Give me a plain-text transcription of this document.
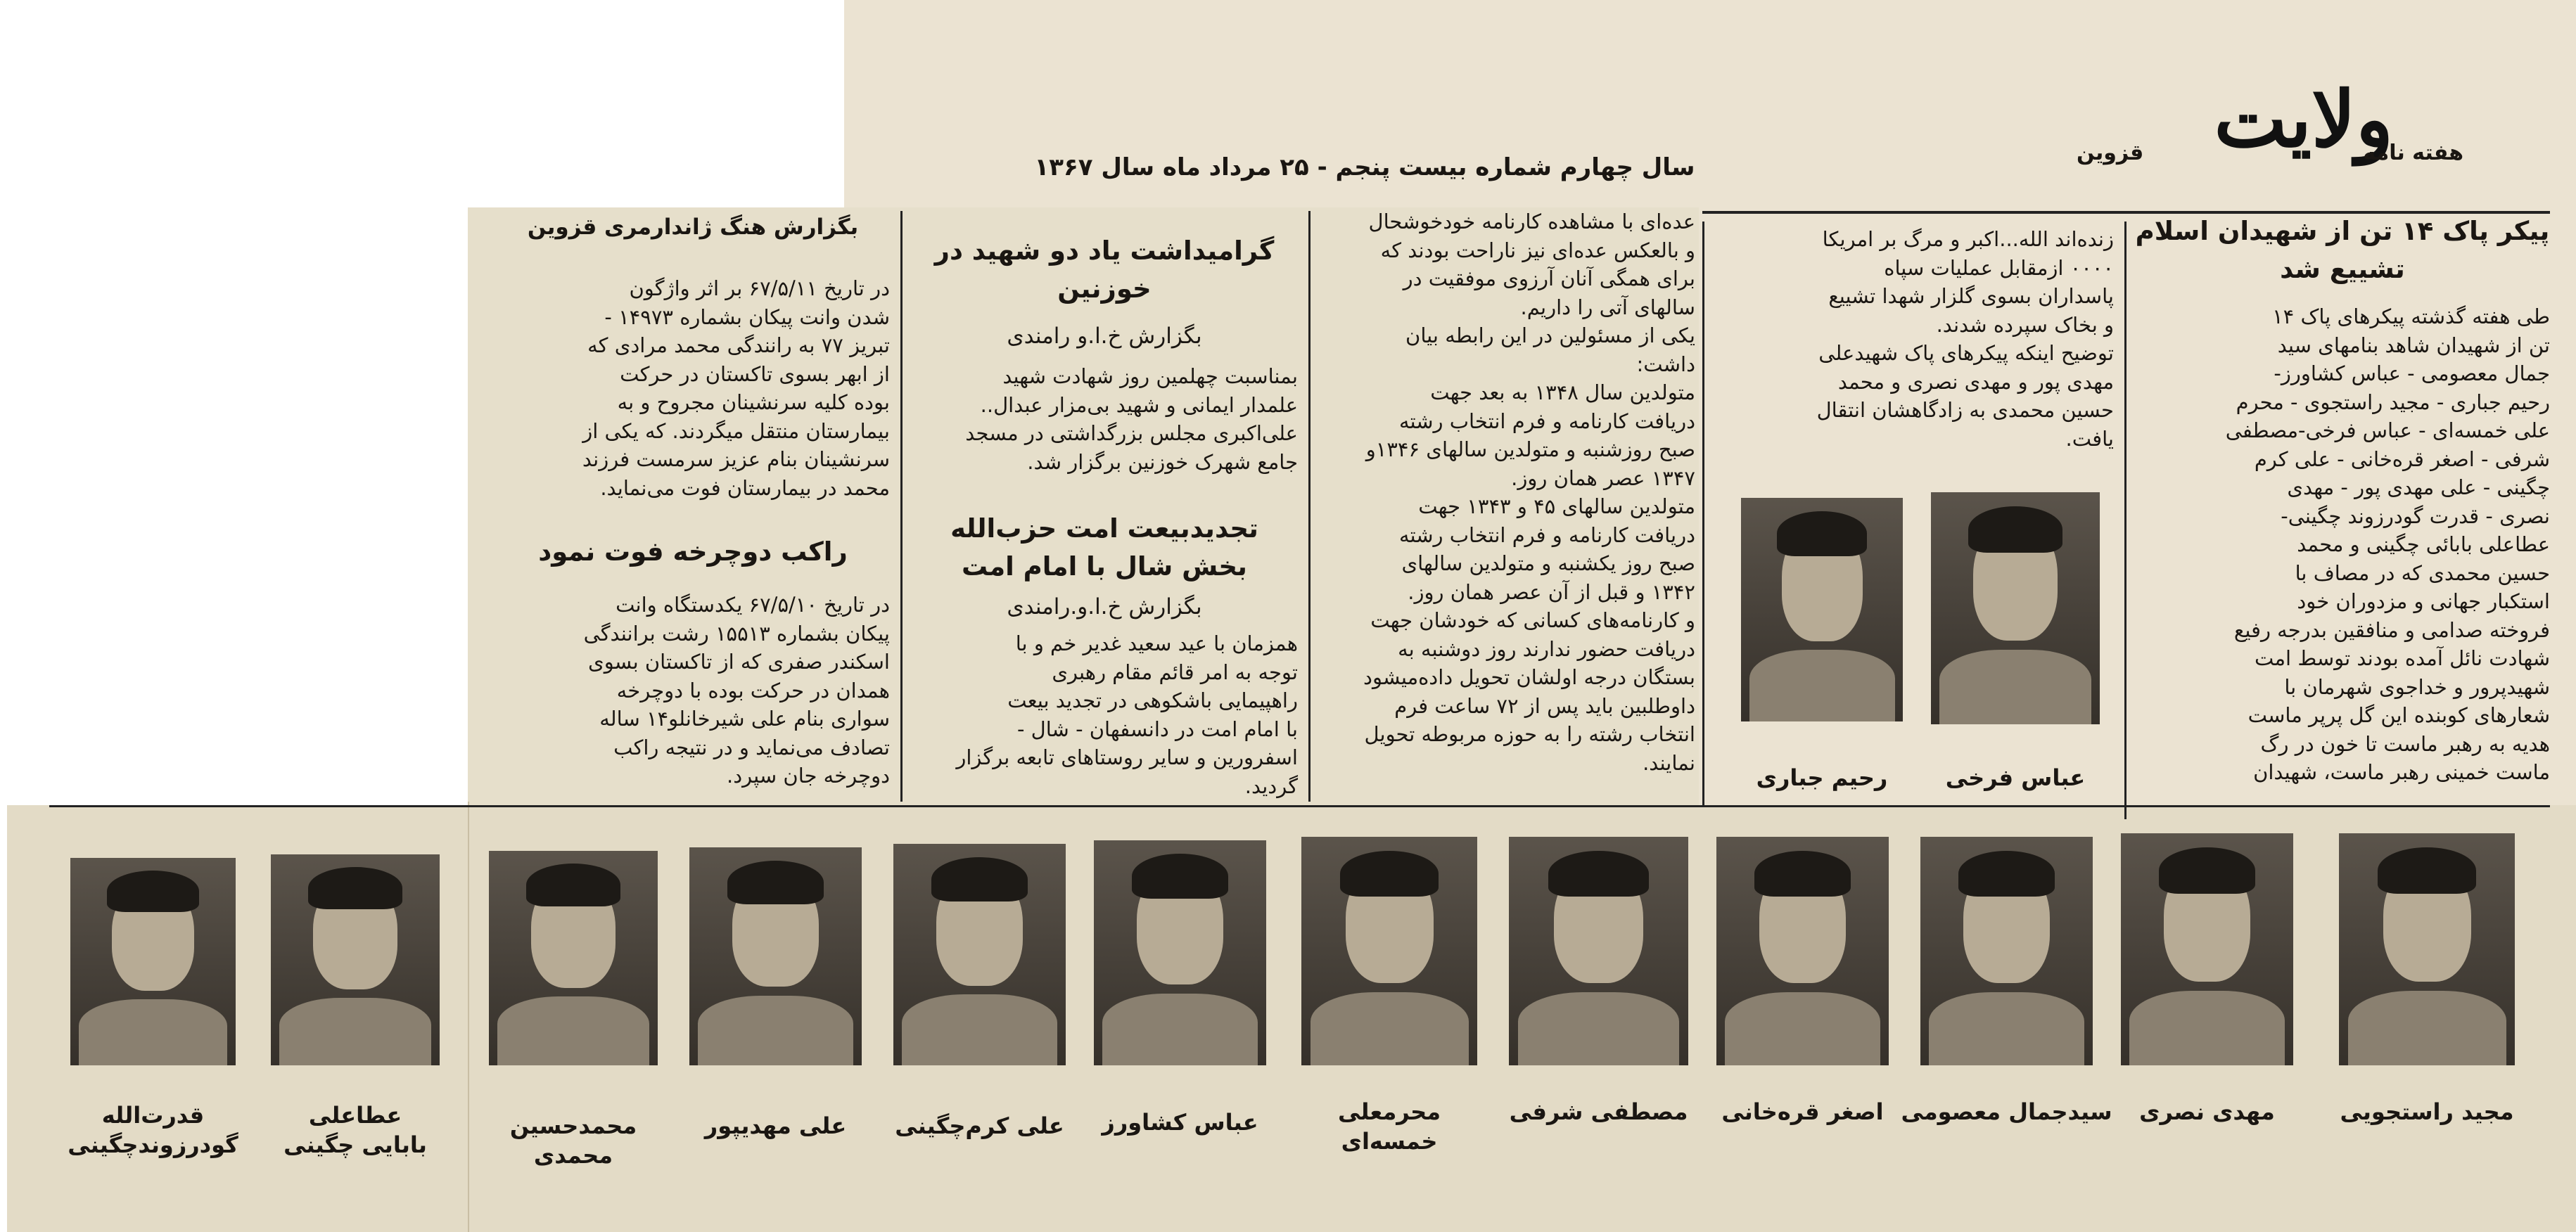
هفته نامه
ولایت
قزوین
سال چهارم شماره بیست پنجم - ۲۵ مرداد ماه سال ۱۳۶۷
پیکر پاک ۱۴ تن از شهیدان اسلام
تشییع شد
طی هفته گذشته پیکرهای پاک ۱۴
تن از شهیدان شاهد بنامهای سید
جمال معصومی - عباس کشاورز-
رحیم جباری - مجید راستجوی - محرم
علی خمسه‌ای - عباس فرخی-مصطفی
شرفی - اصغر قره‌خانی - علی کرم
چگینی - علی مهدی پور - مهدی
نصری - قدرت گودرزوند چگینی-
عطاعلی بابائی چگینی و محمد
حسین محمدی که در مصاف با
استکبار جهانی و مزدوران خود
فروخته صدامی و منافقین بدرجه رفیع
شهادت نائل آمده بودند توسط امت
شهیدپرور و خداجوی شهرمان با
شعارهای کوبنده این گل پرپر ماست
هدیه به رهبر ماست تا خون در رگ
ماست خمینی رهبر ماست، شهیدان
زنده‌اند الله...اکبر و مرگ بر امریکا
۰۰۰۰ ازمقابل عملیات سپاه
پاسداران بسوی گلزار شهدا تشییع
و بخاک سپرده شدند.
توضیح اینکه پیکرهای پاک شهیدعلی
مهدی پور و مهدی نصری و محمد
حسین محمدی به زادگاهشان انتقال
یافت.
عباس فرخی
رحیم جباری
عده‌ای با مشاهده کارنامه خودخوشحال
و بالعکس عده‌ای نیز ناراحت بودند که
برای همگی آنان آرزوی موفقیت در
سالهای آتی را داریم.
یکی از مسئولین در این رابطه بیان
داشت:
متولدین سال ۱۳۴۸ به بعد جهت
دریافت کارنامه و فرم انتخاب رشته
صبح روزشنبه و متولدین سالهای ۱۳۴۶و
۱۳۴۷ عصر همان روز.
متولدین سالهای ۴۵ و ۱۳۴۳ جهت
دریافت کارنامه و فرم انتخاب رشته
صبح روز یکشنبه و متولدین سالهای
۱۳۴۲ و قبل از آن عصر همان روز.
و کارنامه‌های کسانی که خودشان جهت
دریافت حضور ندارند روز دوشنبه به
بستگان درجه اولشان تحویل داده‌میشود
داوطلبین باید پس از ۷۲ ساعت فرم
انتخاب رشته را به حوزه مربوطه تحویل
نمایند.
گرامیداشت یاد دو شهید در
خوزنین
بگزارش خ.ا.و رامندی
بمناسبت چهلمین روز شهادت شهید
علمدار ایمانی و شهید بی‌مزار عبدال..
علی‌اکبری مجلس بزرگداشتی در مسجد
جامع شهرک خوزنین برگزار شد.
تجدیدبیعت امت حزب‌الله
بخش شال با امام امت
بگزارش خ.ا.و.رامندی
همزمان با عید سعید غدیر خم و با
توجه به امر قائم مقام رهبری
راهپیمایی باشکوهی در تجدید بیعت
با امام امت در دانسفهان - شال -
اسفرورین و سایر روستاهای تابعه برگزار
گردید.
بگزارش هنگ ژاندارمری قزوین
در تاریخ ۶۷/۵/۱۱ بر اثر واژگون
شدن وانت پیکان بشماره ۱۴۹۷۳ -
تبریز ۷۷ به رانندگی محمد مرادی که
از ابهر بسوی تاکستان در حرکت
بوده کلیه سرنشینان مجروح و به
بیمارستان منتقل میگردند. که یکی از
سرنشینان بنام عزیز سرمست فرزند
محمد در بیمارستان فوت می‌نماید.
راکب دوچرخه فوت نمود
در تاریخ ۶۷/۵/۱۰ یکدستگاه وانت
پیکان بشماره ۱۵۵۱۳ رشت برانندگی
اسکندر صفری که از تاکستان بسوی
همدان در حرکت بوده با دوچرخه
سواری بنام علی شیرخانلو۱۴ ساله
تصادف می‌نماید و در نتیجه راکب
دوچرخه جان سپرد.
مجید راستجویی
مهدی نصری
سیدجمال معصومی
اصغر قره‌خانی
مصطفی شرفی
محرمعلی خمسه‌ای
عباس کشاورز
علی کرم‌چگینی
علی مهدیپور
محمدحسین محمدی
عطاعلی
بابایی چگینی
قدرت‌الله
گودرزوندچگینی
